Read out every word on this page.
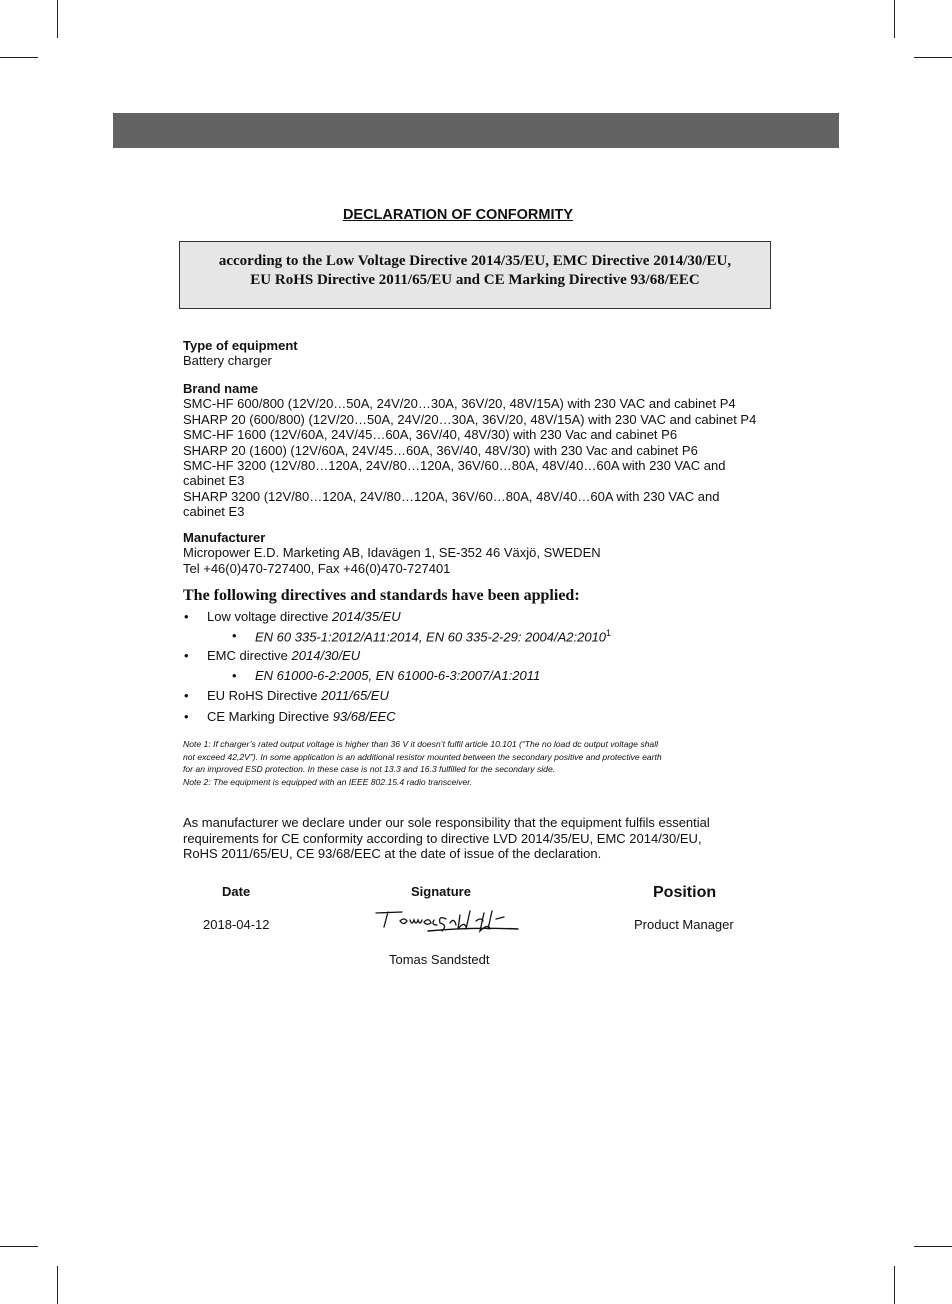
DECLARATION OF CONFORMITY
according to the Low Voltage Directive 2014/35/EU, EMC Directive 2014/30/EU,
EU RoHS Directive 2011/65/EU and CE Marking Directive 93/68/EEC
Type of equipment
Battery charger
Brand name
SMC-HF 600/800 (12V/20…50A, 24V/20…30A, 36V/20, 48V/15A) with 230 VAC and cabinet P4
SHARP 20 (600/800) (12V/20…50A, 24V/20…30A, 36V/20, 48V/15A) with 230 VAC and cabinet P4
SMC-HF 1600 (12V/60A, 24V/45…60A, 36V/40, 48V/30) with 230 Vac and cabinet P6
SHARP 20 (1600) (12V/60A, 24V/45…60A, 36V/40, 48V/30) with 230 Vac and cabinet P6
SMC-HF 3200 (12V/80…120A, 24V/80…120A, 36V/60…80A, 48V/40…60A with 230 VAC and
cabinet E3
SHARP 3200 (12V/80…120A, 24V/80…120A, 36V/60…80A, 48V/40…60A with 230 VAC and
cabinet E3
Manufacturer
Micropower E.D. Marketing AB, Idavägen 1, SE-352 46 Växjö, SWEDEN
Tel +46(0)470-727400, Fax +46(0)470-727401
The following directives and standards have been applied:
• Low voltage directive 2014/35/EU
• EN 60 335-1:2012/A11:2014, EN 60 335-2-29: 2004/A2:2010$^1$
• EMC directive 2014/30/EU
• EN 61000-6-2:2005, EN 61000-6-3:2007/A1:2011
• EU RoHS Directive 2011/65/EU
• CE Marking Directive 93/68/EEC
Note 1: If charger’s rated output voltage is higher than 36 V it doesn’t fulfil article 10.101 (“The no load dc output voltage shall
not exceed 42,2V”). In some application is an additional resistor mounted between the secondary positive and protective earth
for an improved ESD protection. In these case is not 13.3 and 16.3 fulfilled for the secondary side.
Note 2: The equipment is equipped with an IEEE 802.15.4 radio transceiver.
As manufacturer we declare under our sole responsibility that the equipment fulfils essential
requirements for CE conformity according to directive LVD 2014/35/EU, EMC 2014/30/EU,
RoHS 2011/65/EU, CE 93/68/EEC at the date of issue of the declaration.
Date
2018-04-12
Signature
Tomas Sandstedt
Position
Product Manager
